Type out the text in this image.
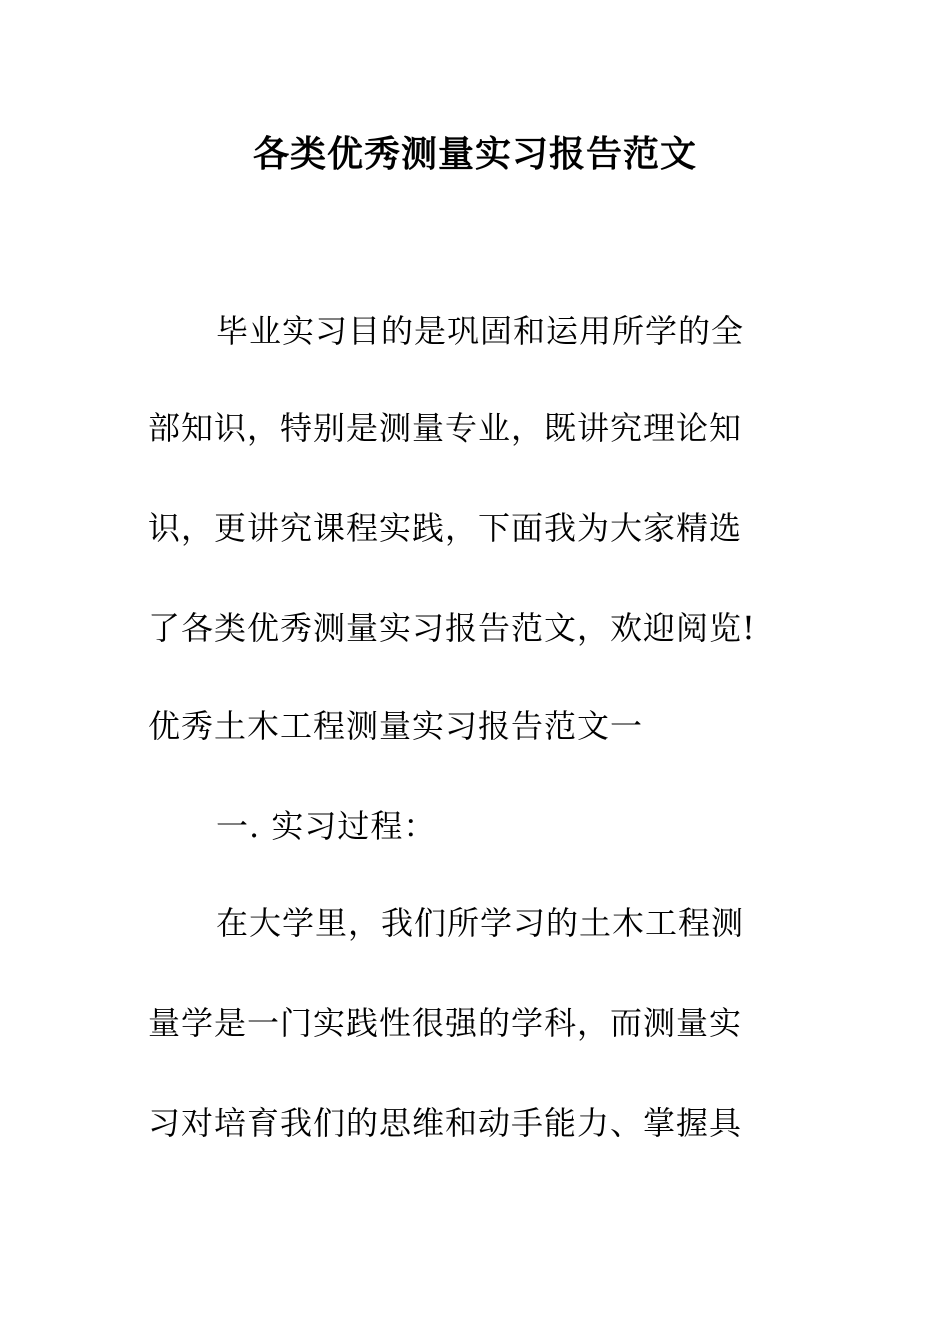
各类优秀测量实习报告范文
毕业实习目的是巩固和运用所学的全
部知识，特别是测量专业，既讲究理论知
识，更讲究课程实践，下面我为大家精选
了各类优秀测量实习报告范文，欢迎阅览!
优秀土木工程测量实习报告范文一
一. 实习过程：
在大学里，我们所学习的土木工程测
量学是一门实践性很强的学科，而测量实
习对培育我们的思维和动手能力、掌握具
